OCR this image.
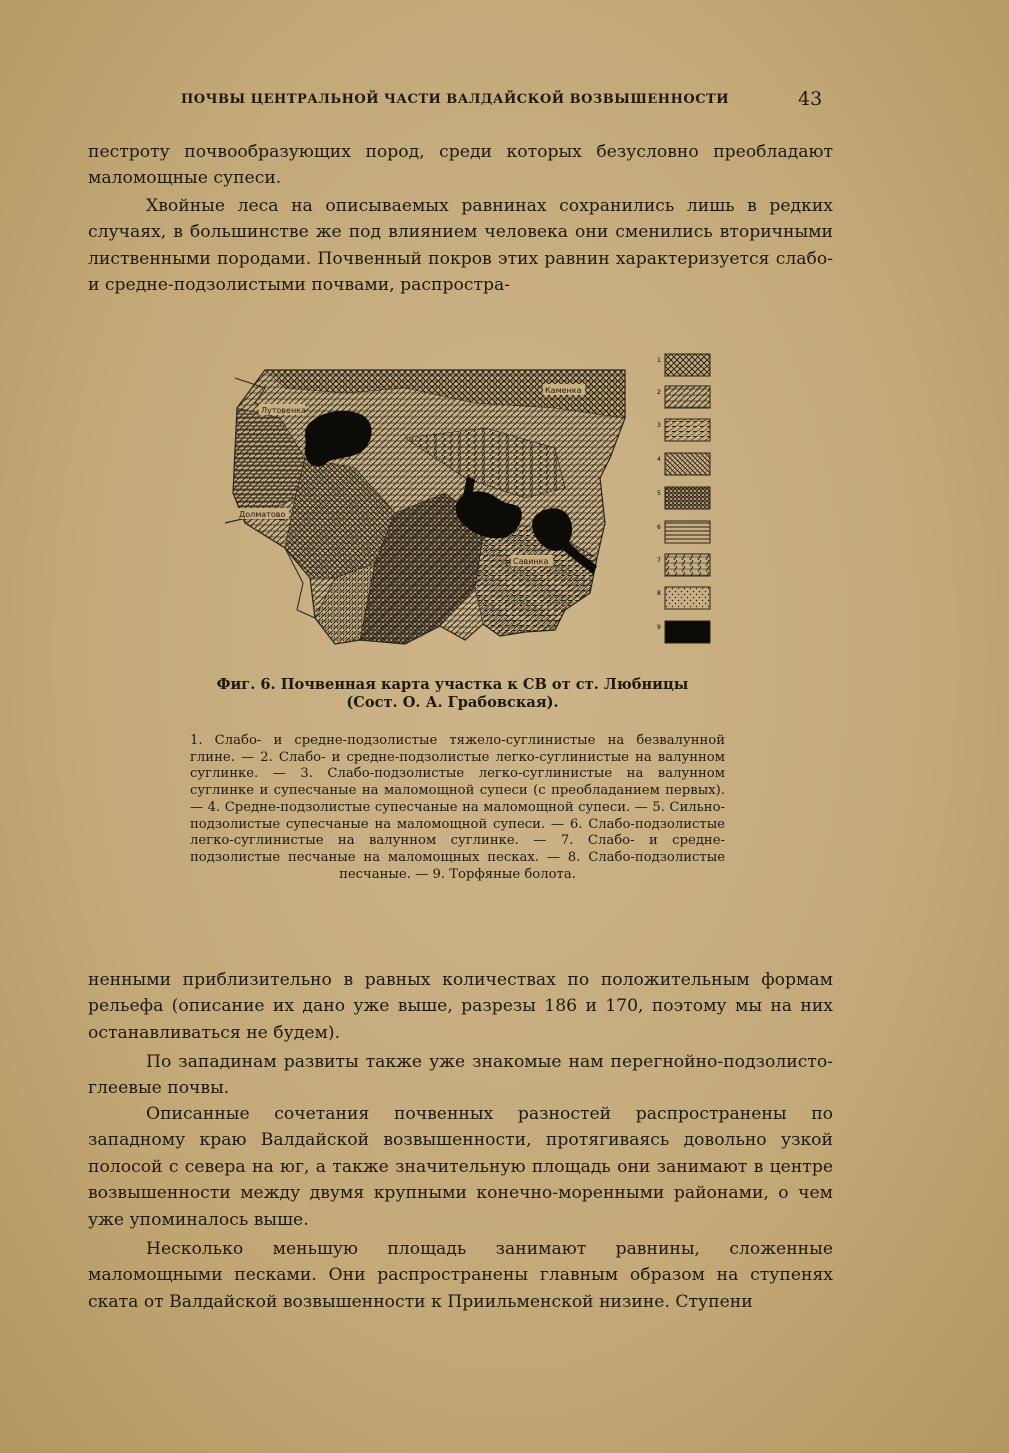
ПОЧВЫ ЦЕНТРАЛЬНОЙ ЧАСТИ ВАЛДАЙСКОЙ ВОЗВЫШЕННОСТИ	43

пестроту почвообразующих пород, среди которых безусловно преобладают маломощные супеси.

Хвойные леса на описываемых равнинах сохранились лишь в редких случаях, в большинстве же под влиянием человека они сменились вторичными лиственными породами. Почвенный покров этих равнин характеризуется слабо- и средне-подзолистыми почвами, распростра-

Лутовенка
Каменка
Долматово
Савинка
1
2
3
4
5
6
7
8
9
Фиг. 6. Почвенная карта участка к СВ от ст. Любницы
(Сост. О. А. Грабовская).
1. Слабо- и средне-подзолистые тяжело-суглинистые на безвалунной глине. — 2. Слабо- и средне-подзолистые легко-суглинистые на валунном суглинке. — 3. Слабо-подзолистые легко-суглинистые на валунном суглинке и супесчаные на маломощной супеси (с преобладанием первых). — 4. Средне-подзолистые супесчаные на маломощной супеси. — 5. Сильно-подзолистые супесчаные на маломощной супеси. — 6. Слабо-подзолистые легко-суглинистые на валунном суглинке. — 7. Слабо- и средне-подзолистые песчаные на маломощных песках. — 8. Слабо-подзолистые песчаные. — 9. Торфяные болота.

ненными приблизительно в равных количествах по положительным формам рельефа (описание их дано уже выше, разрезы 186 и 170, поэтому мы на них останавливаться не будем).

По западинам развиты также уже знакомые нам перегнойно-подзолисто-глеевые почвы.

Описанные сочетания почвенных разностей распространены по западному краю Валдайской возвышенности, протягиваясь довольно узкой полосой с севера на юг, а также значительную площадь они занимают в центре возвышенности между двумя крупными конечно-моренными районами, о чем уже упоминалось выше.

Несколько меньшую площадь занимают равнины, сложенные маломощными песками. Они распространены главным образом на ступенях ската от Валдайской возвышенности к Приильменской низине. Ступени
